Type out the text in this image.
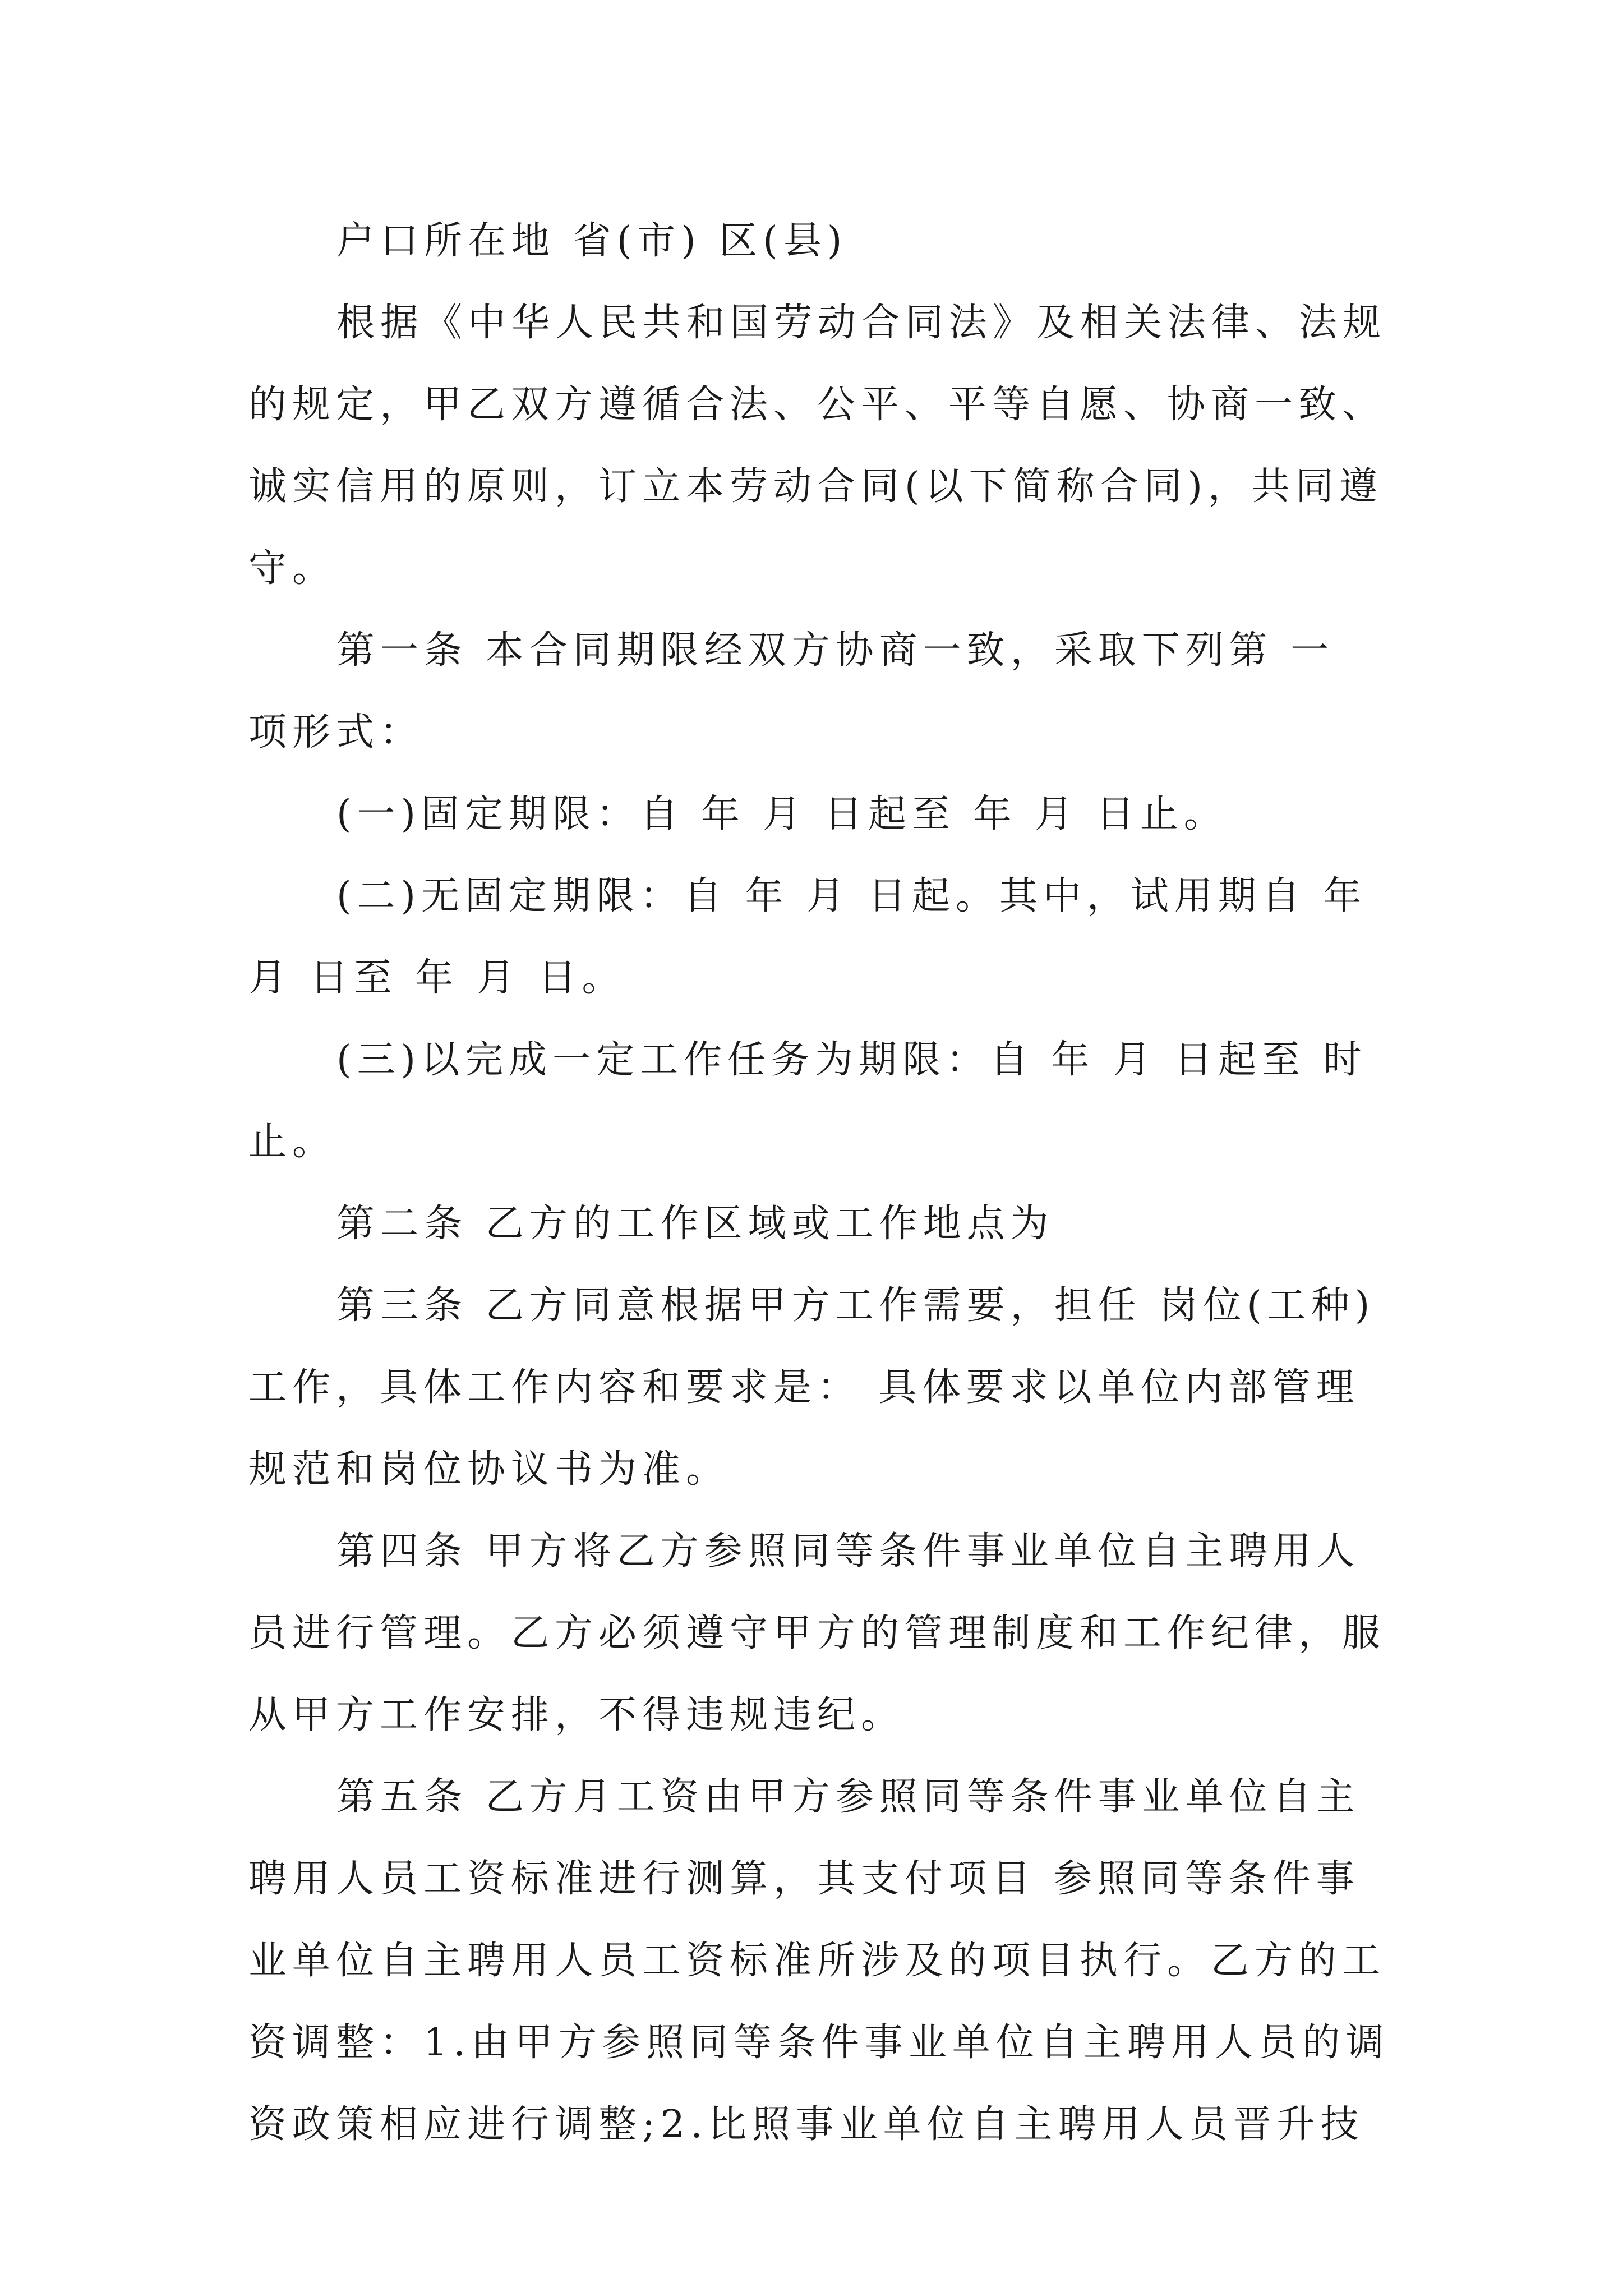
户口所在地 省(市) 区(县)
根据《中华人民共和国劳动合同法》及相关法律、法规
的规定，甲乙双方遵循合法、公平、平等自愿、协商一致、
诚实信用的原则，订立本劳动合同(以下简称合同)，共同遵
守。
第一条 本合同期限经双方协商一致，采取下列第 一
项形式：
(一)固定期限：自 年 月 日起至 年 月 日止。
(二)无固定期限：自 年 月 日起。其中，试用期自 年
月 日至 年 月 日。
(三)以完成一定工作任务为期限：自 年 月 日起至 时
止。
第二条 乙方的工作区域或工作地点为
第三条 乙方同意根据甲方工作需要，担任 岗位(工种)
工作，具体工作内容和要求是： 具体要求以单位内部管理
规范和岗位协议书为准。
第四条 甲方将乙方参照同等条件事业单位自主聘用人
员进行管理。乙方必须遵守甲方的管理制度和工作纪律，服
从甲方工作安排，不得违规违纪。
第五条 乙方月工资由甲方参照同等条件事业单位自主
聘用人员工资标准进行测算，其支付项目 参照同等条件事
业单位自主聘用人员工资标准所涉及的项目执行。乙方的工
资调整：1.由甲方参照同等条件事业单位自主聘用人员的调
资政策相应进行调整;2.比照事业单位自主聘用人员晋升技
